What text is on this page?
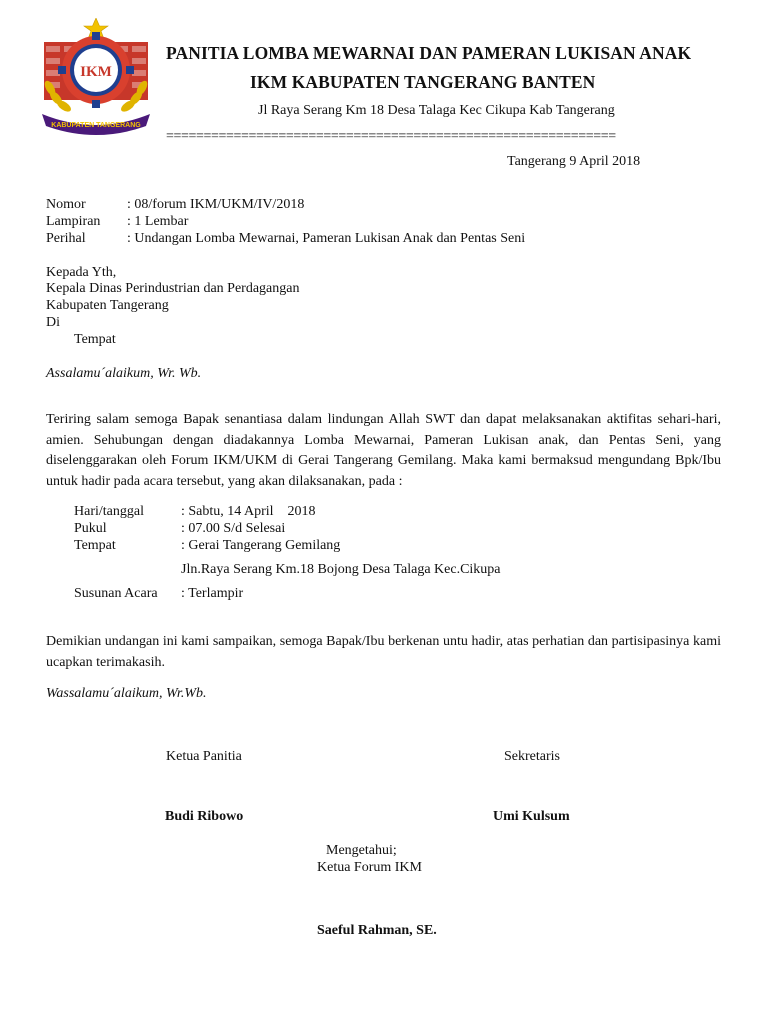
IKM
KABUPATEN TANGERANG
PANITIA LOMBA MEWARNAI DAN PAMERAN LUKISAN ANAK
IKM KABUPATEN TANGERANG BANTEN
Jl Raya Serang Km 18 Desa Talaga Kec Cikupa Kab Tangerang
============================================================
Tangerang 9 April 2018
Nomor	: 08/forum IKM/UKM/IV/2018
Lampiran : 1 Lembar
Perihal	: Undangan Lomba Mewarnai, Pameran Lukisan Anak dan Pentas Seni
Kepada Yth,
Kepala Dinas Perindustrian dan Perdagangan
Kabupaten Tangerang
Di
Tempat
Assalamu´alaikum, Wr. Wb.
Teriring salam semoga Bapak senantiasa dalam lindungan Allah SWT dan dapat melaksanakan aktifitas sehari-hari, amien. Sehubungan dengan diadakannya Lomba Mewarnai, Pameran Lukisan anak, dan Pentas Seni, yang diselenggarakan oleh Forum IKM/UKM di Gerai Tangerang Gemilang. Maka kami bermaksud mengundang Bpk/Ibu untuk hadir pada acara tersebut, yang akan dilaksanakan, pada :
Hari/tanggal	: Sabtu, 14 April    2018
Pukul	: 07.00 S/d Selesai
Tempat	: Gerai Tangerang Gemilang
Jln.Raya Serang Km.18 Bojong Desa Talaga Kec.Cikupa
Susunan Acara : Terlampir
Demikian undangan ini kami sampaikan, semoga Bapak/Ibu berkenan untu hadir, atas perhatian dan partisipasinya kami ucapkan terimakasih.
Wassalamu´alaikum, Wr.Wb.
Ketua Panitia	Sekretaris
Budi Ribowo	Umi Kulsum
Mengetahui;
Ketua Forum IKM
Saeful Rahman, SE.
